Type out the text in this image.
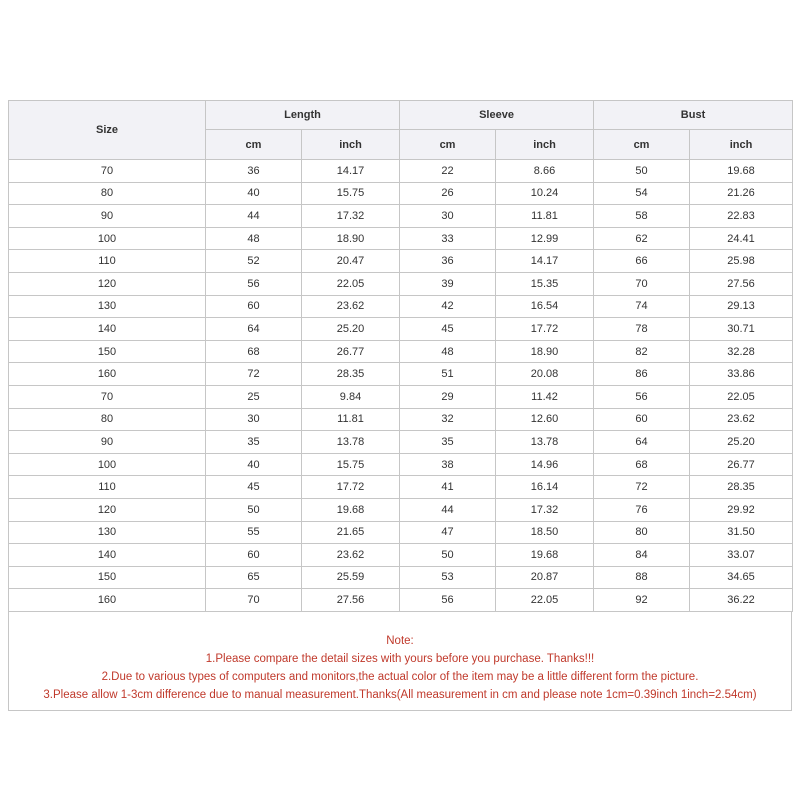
Size	Length		Sleeve		Bust	
	cm	inch	cm	inch	cm	inch
70	36	14.17	22	8.66	50	19.68
80	40	15.75	26	10.24	54	21.26
90	44	17.32	30	11.81	58	22.83
100	48	18.90	33	12.99	62	24.41
110	52	20.47	36	14.17	66	25.98
120	56	22.05	39	15.35	70	27.56
130	60	23.62	42	16.54	74	29.13
140	64	25.20	45	17.72	78	30.71
150	68	26.77	48	18.90	82	32.28
160	72	28.35	51	20.08	86	33.86
70	25	9.84	29	11.42	56	22.05
80	30	11.81	32	12.60	60	23.62
90	35	13.78	35	13.78	64	25.20
100	40	15.75	38	14.96	68	26.77
110	45	17.72	41	16.14	72	28.35
120	50	19.68	44	17.32	76	29.92
130	55	21.65	47	18.50	80	31.50
140	60	23.62	50	19.68	84	33.07
150	65	25.59	53	20.87	88	34.65
160	70	27.56	56	22.05	92	36.22
Note:
1.Please compare the detail sizes with yours before you purchase. Thanks!!!
2.Due to various types of computers and monitors,the actual color of the item may be a little different form the picture.
3.Please allow 1-3cm difference due to manual measurement.Thanks(All measurement in cm and please note 1cm=0.39inch 1inch=2.54cm)
